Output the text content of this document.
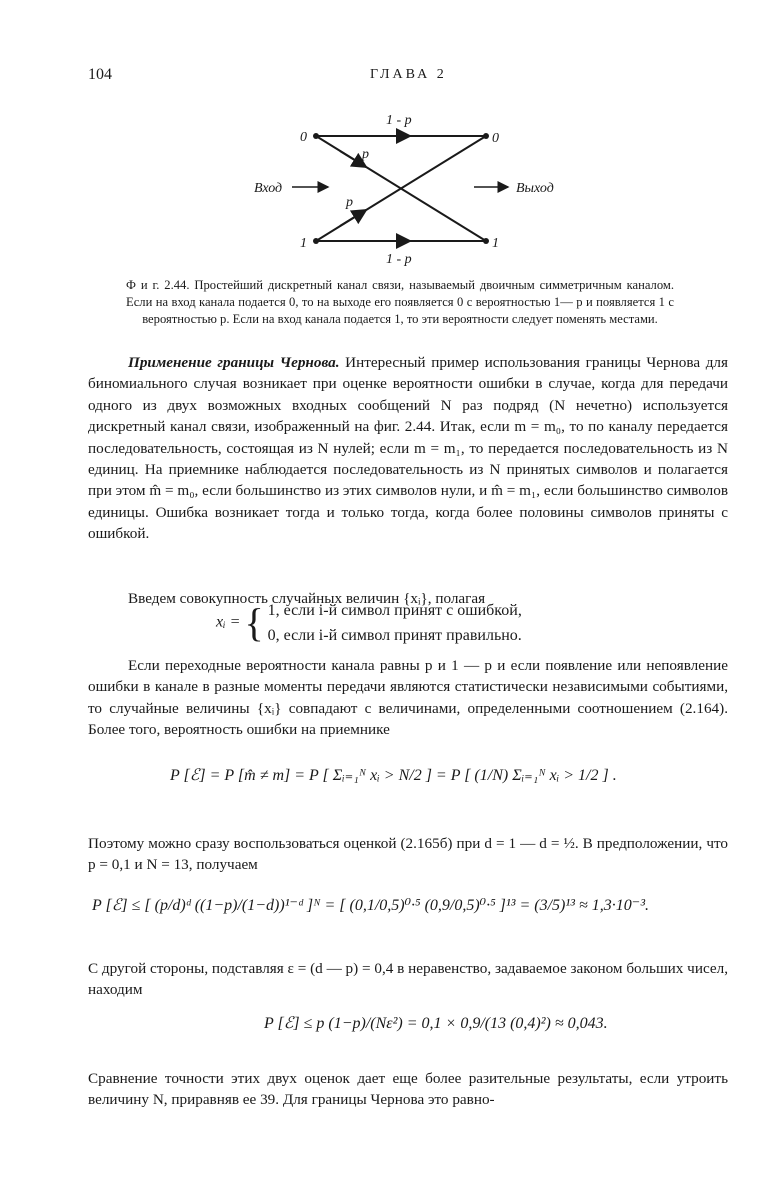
104	ГЛАВА 2
1 - p
1 - p
p
p
0	0
1	1
Вход	Выход
Ф и г. 2.44. Простейший дискретный канал связи, называемый двоичным симметричным каналом. Если на вход канала подается 0, то на выходе его появляется 0 с вероятностью 1— p и появляется 1 с вероятностью p. Если на вход канала подается 1, то эти вероятности следует поменять местами.
Применение границы Чернова. Интересный пример использования границы Чернова для биномиального случая возникает при оценке вероятности ошибки в случае, когда для передачи одного из двух возможных входных сообщений N раз подряд (N нечетно) используется дискретный канал связи, изображенный на фиг. 2.44. Итак, если m = m₀, то по каналу передается последовательность, состоящая из N нулей; если m = m₁, то передается последовательность из N единиц. На приемнике наблюдается последовательность из N принятых символов и полагается при этом m̂ = m₀, если большинство из этих символов нули, и m̂ = m₁, если большинство символов единицы. Ошибка возникает тогда и только тогда, когда более половины символов приняты с ошибкой.

Введем совокупность случайных величин {xᵢ}, полагая

xᵢ = { 1, если i-й символ принят с ошибкой,
0, если i-й символ принят правильно.

Если переходные вероятности канала равны p и 1 — p и если появление или непоявление ошибки в канале в разные моменты передачи являются статистически независимыми событиями, то случайные величины {xᵢ} совпадают с величинами, определенными соотношением (2.164). Более того, вероятность ошибки на приемнике

P [ℰ] = P [m̂ ≠ m] = P [ Σᵢ₌₁ᴺ xᵢ > N/2 ] = P [ (1/N) Σᵢ₌₁ᴺ xᵢ > 1/2 ] .

Поэтому можно сразу воспользоваться оценкой (2.165б) при d = 1 — d = ½. В предположении, что p = 0,1 и N = 13, получаем

P [ℰ] ≤ [ (p/d)ᵈ ((1−p)/(1−d))¹⁻ᵈ ]ᴺ = [ (0,1/0,5)⁰·⁵ (0,9/0,5)⁰·⁵ ]¹³ = (3/5)¹³ ≈ 1,3·10⁻³.

С другой стороны, подставляя ε = (d — p) = 0,4 в неравенство, задаваемое законом больших чисел, находим

P [ℰ] ≤ p (1−p)/(Nε²) = 0,1 × 0,9/(13 (0,4)²) ≈ 0,043.

Сравнение точности этих двух оценок дает еще более разительные результаты, если утроить величину N, приравняв ее 39. Для границы Чернова это равно-
